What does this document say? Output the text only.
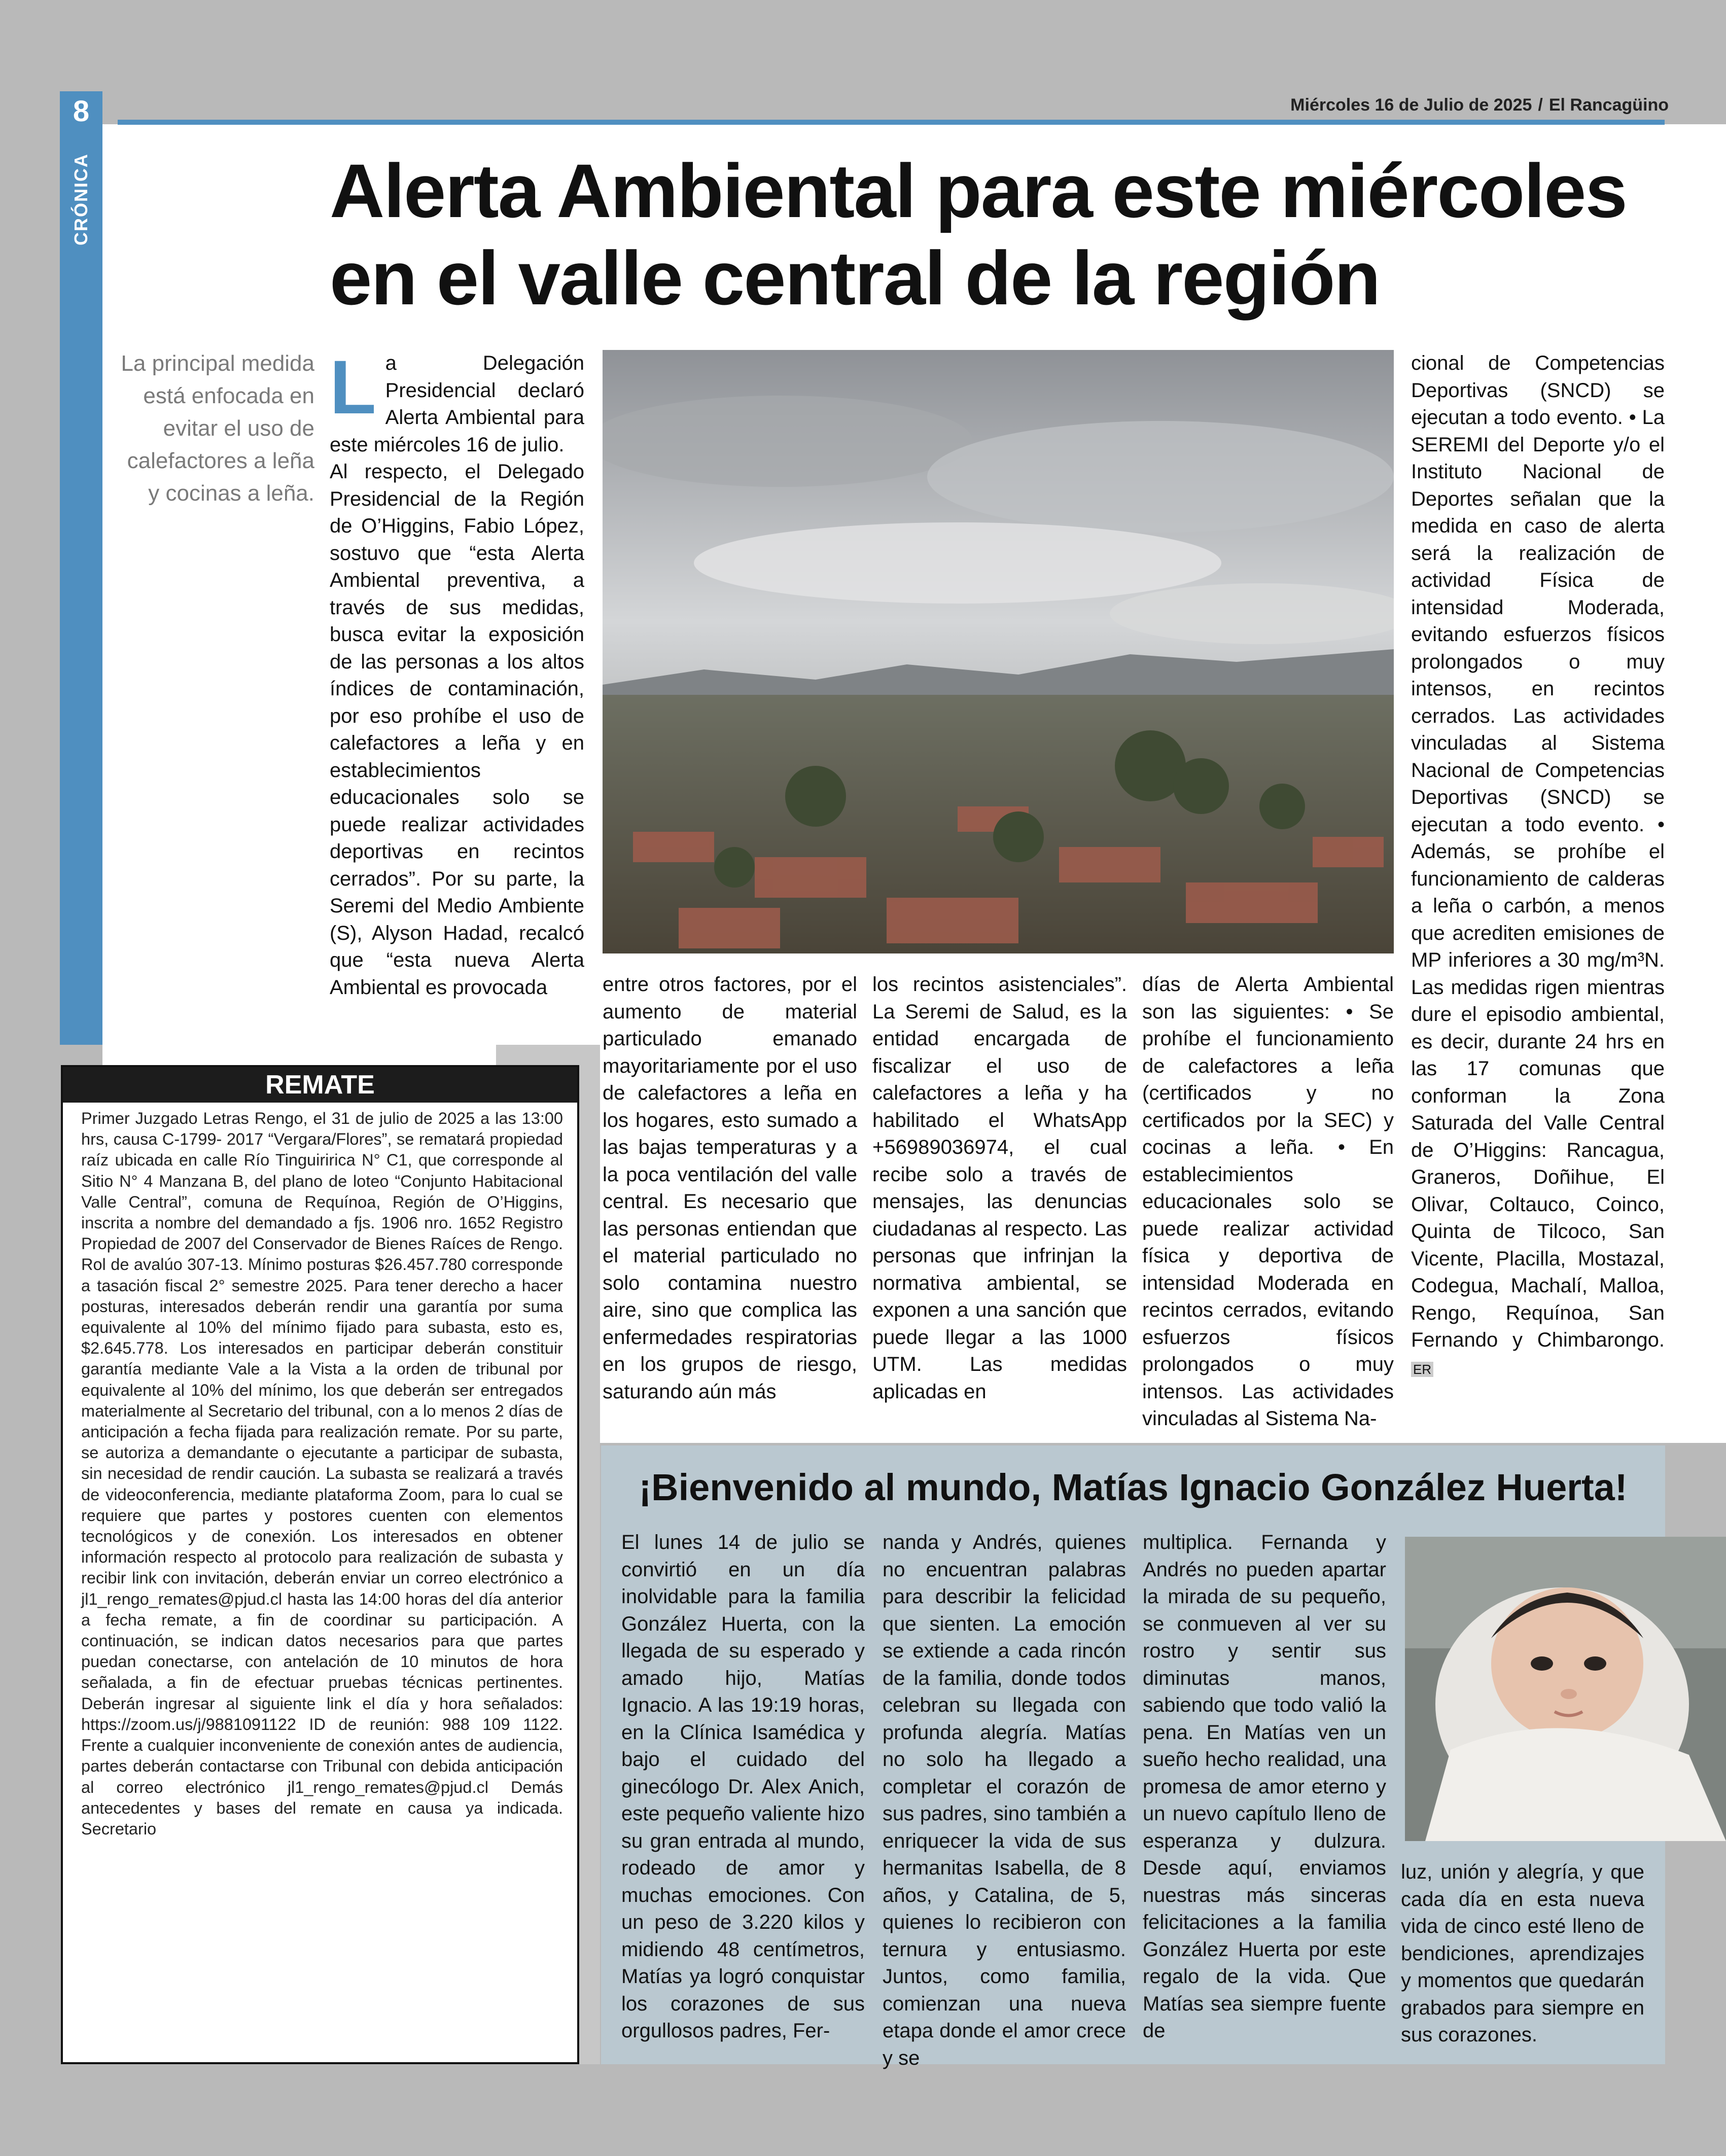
8
CRÓNICA
Miércoles 16 de Julio de 2025 / El Rancagüino
Alerta Ambiental para este miércoles
en el valle central de la región
La principal medida está enfocada en evitar el uso de calefactores a leña y cocinas a leña.

La Delegación Presidencial declaró Alerta Ambiental para este miércoles 16 de julio.

Al respecto, el Delegado Presidencial de la Región de O’Higgins, Fabio López, sostuvo que “esta Alerta Ambiental preventiva, a través de sus medidas, busca evitar la exposición de las personas a los altos índices de contaminación, por eso prohíbe el uso de calefactores a leña y en establecimientos educacionales solo se puede realizar actividades deportivas en recintos cerrados”. Por su parte, la Seremi del Medio Ambiente (S), Alyson Hadad, recalcó que “esta nueva Alerta Ambiental es provocada	entre otros factores, por el aumento de material particulado emanado mayoritariamente por el uso de calefactores a leña en los hogares, esto sumado a las bajas temperaturas y a la poca ventilación del valle central. Es necesario que las personas entiendan que el material particulado no solo contamina nuestro aire, sino que complica las enfermedades respiratorias en los grupos de riesgo, saturando aún más
los recintos asistenciales”. La Seremi de Salud, es la entidad encargada de fiscalizar el uso de calefactores a leña y ha habilitado el WhatsApp +56989036974, el cual recibe solo a través de mensajes, las denuncias ciudadanas al respecto. Las personas que infrinjan la normativa ambiental, se exponen a una sanción que puede llegar a las 1000 UTM. Las medidas aplicadas en
días de Alerta Ambiental son las siguientes: • Se prohíbe el funcionamiento de calefactores a leña (certificados y no certificados por la SEC) y cocinas a leña. • En establecimientos educacionales solo se puede realizar actividad física y deportiva de intensidad Moderada en recintos cerrados, evitando esfuerzos físicos prolongados o muy intensos. Las actividades vinculadas al Sistema Na-
cional de Competencias Deportivas (SNCD) se ejecutan a todo evento. • La SEREMI del Deporte y/o el Instituto Nacional de Deportes señalan que la medida en caso de alerta será la realización de actividad Física de intensidad Moderada, evitando esfuerzos físicos prolongados o muy intensos, en recintos cerrados. Las actividades vinculadas al Sistema Nacional de Competencias Deportivas (SNCD) se ejecutan a todo evento. • Además, se prohíbe el funcionamiento de calderas a leña o carbón, a menos que acrediten emisiones de MP inferiores a 30 mg/m³N. Las medidas rigen mientras dure el episodio ambiental, es decir, durante 24 hrs en las 17 comunas que conforman la Zona Saturada del Valle Central de O’Higgins: Rancagua, Graneros, Doñihue, El Olivar, Coltauco, Coinco, Quinta de Tilcoco, San Vicente, Placilla, Mostazal, Codegua, Machalí, Malloa, Rengo, Requínoa, San Fernando y Chimbarongo. ER
REMATE
Primer Juzgado Letras Rengo, el 31 de julio de 2025 a las 13:00 hrs, causa C-1799- 2017 “Vergara/Flores”, se rematará propiedad raíz ubicada en calle Río Tinguiririca N° C1, que corresponde al Sitio N° 4 Manzana B, del plano de loteo “Conjunto Habitacional Valle Central”, comuna de Requínoa, Región de O’Higgins, inscrita a nombre del demandado a fjs. 1906 nro. 1652 Registro Propiedad de 2007 del Conservador de Bienes Raíces de Rengo. Rol de avalúo 307-13. Mínimo posturas $26.457.780 corresponde a tasación fiscal 2° semestre 2025. Para tener derecho a hacer posturas, interesados deberán rendir una garantía por suma equivalente al 10% del mínimo fijado para subasta, esto es, $2.645.778. Los interesados en participar deberán constituir garantía mediante Vale a la Vista a la orden de tribunal por equivalente al 10% del mínimo, los que deberán ser entregados materialmente al Secretario del tribunal, con a lo menos 2 días de anticipación a fecha fijada para realización remate. Por su parte, se autoriza a demandante o ejecutante a participar de subasta, sin necesidad de rendir caución. La subasta se realizará a través de videoconferencia, mediante plataforma Zoom, para lo cual se requiere que partes y postores cuenten con elementos tecnológicos y de conexión. Los interesados en obtener información respecto al protocolo para realización de subasta y recibir link con invitación, deberán enviar un correo electrónico a jl1_rengo_remates@pjud.cl hasta las 14:00 horas del día anterior a fecha remate, a fin de coordinar su participación. A continuación, se indican datos necesarios para que partes puedan conectarse, con antelación de 10 minutos de hora señalada, a fin de efectuar pruebas técnicas pertinentes. Deberán ingresar al siguiente link el día y hora señalados: https://zoom.us/j/9881091122 ID de reunión: 988 109 1122. Frente a cualquier inconveniente de conexión antes de audiencia, partes deberán contactarse con Tribunal con debida anticipación al correo electrónico jl1_rengo_remates@pjud.cl Demás antecedentes y bases del remate en causa ya indicada. Secretario
¡Bienvenido al mundo, Matías Ignacio González Huerta!
El lunes 14 de julio se convirtió en un día inolvidable para la familia González Huerta, con la llegada de su esperado y amado hijo, Matías Ignacio. A las 19:19 horas, en la Clínica Isamédica y bajo el cuidado del ginecólogo Dr. Alex Anich, este pequeño valiente hizo su gran entrada al mundo, rodeado de amor y muchas emociones. Con un peso de 3.220 kilos y midiendo 48 centímetros, Matías ya logró conquistar los corazones de sus orgullosos padres, Fer-
nanda y Andrés, quienes no encuentran palabras para describir la felicidad que sienten. La emoción se extiende a cada rincón de la familia, donde todos celebran su llegada con profunda alegría. Matías no solo ha llegado a completar el corazón de sus padres, sino también a enriquecer la vida de sus hermanitas Isabella, de 8 años, y Catalina, de 5, quienes lo recibieron con ternura y entusiasmo. Juntos, como familia, comienzan una nueva etapa donde el amor crece y se
multiplica. Fernanda y Andrés no pueden apartar la mirada de su pequeño, se conmueven al ver su rostro y sentir sus diminutas manos, sabiendo que todo valió la pena. En Matías ven un sueño hecho realidad, una promesa de amor eterno y un nuevo capítulo lleno de esperanza y dulzura. Desde aquí, enviamos nuestras más sinceras felicitaciones a la familia González Huerta por este regalo de la vida. Que Matías sea siempre fuente de
luz, unión y alegría, y que cada día en esta nueva vida de cinco esté lleno de bendiciones, aprendizajes y momentos que quedarán grabados para siempre en sus corazones.
